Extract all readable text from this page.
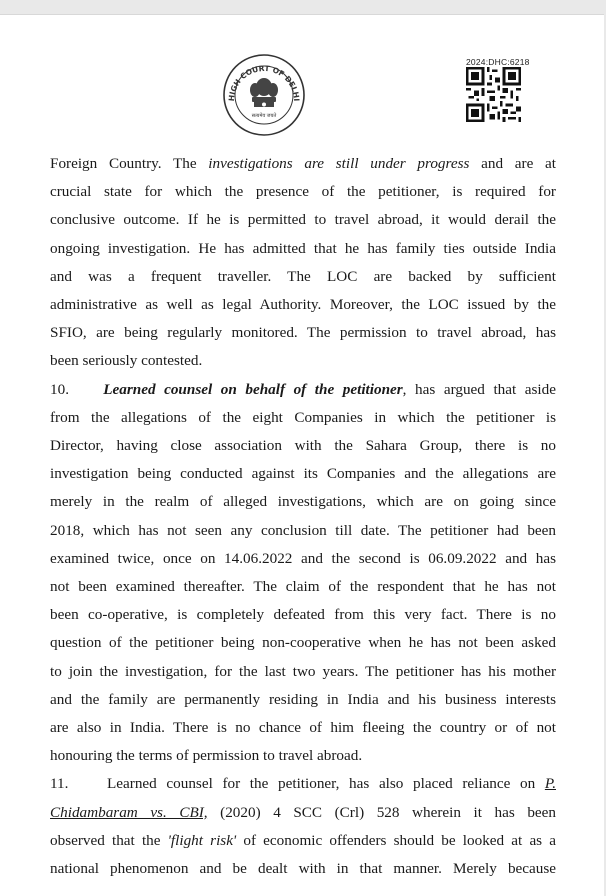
HIGH COURT OF DELHI
सत्यमेव जयते
2024:DHC:6218

Foreign Country. The investigations are still under progress and are at
crucial state for which the presence of the petitioner, is required for
conclusive outcome. If he is permitted to travel abroad, it would derail the
ongoing investigation. He has admitted that he has family ties outside India
and was a frequent traveller. The LOC are backed by sufficient
administrative as well as legal Authority. Moreover, the LOC issued by the
SFIO, are being regularly monitored. The permission to travel abroad, has
been seriously contested.

10. Learned counsel on behalf of the petitioner, has argued that aside
from the allegations of the eight Companies in which the petitioner is
Director, having close association with the Sahara Group, there is no
investigation being conducted against its Companies and the allegations are
merely in the realm of alleged investigations, which are on going since
2018, which has not seen any conclusion till date. The petitioner had been
examined twice, once on 14.06.2022 and the second is 06.09.2022 and has
not been examined thereafter. The claim of the respondent that he has not
been co-operative, is completely defeated from this very fact. There is no
question of the petitioner being non-cooperative when he has not been asked
to join the investigation, for the last two years. The petitioner has his mother
and the family are permanently residing in India and his business interests
are also in India. There is no chance of him fleeing the country or of not
honouring the terms of permission to travel abroad.

11.	Learned counsel for the petitioner, has also placed reliance on P.
Chidambaram vs. CBI, (2020) 4 SCC (Crl) 528 wherein it has been
observed that the 'flight risk' of economic offenders should be looked at as a
national phenomenon and be dealt with in that manner. Merely because
